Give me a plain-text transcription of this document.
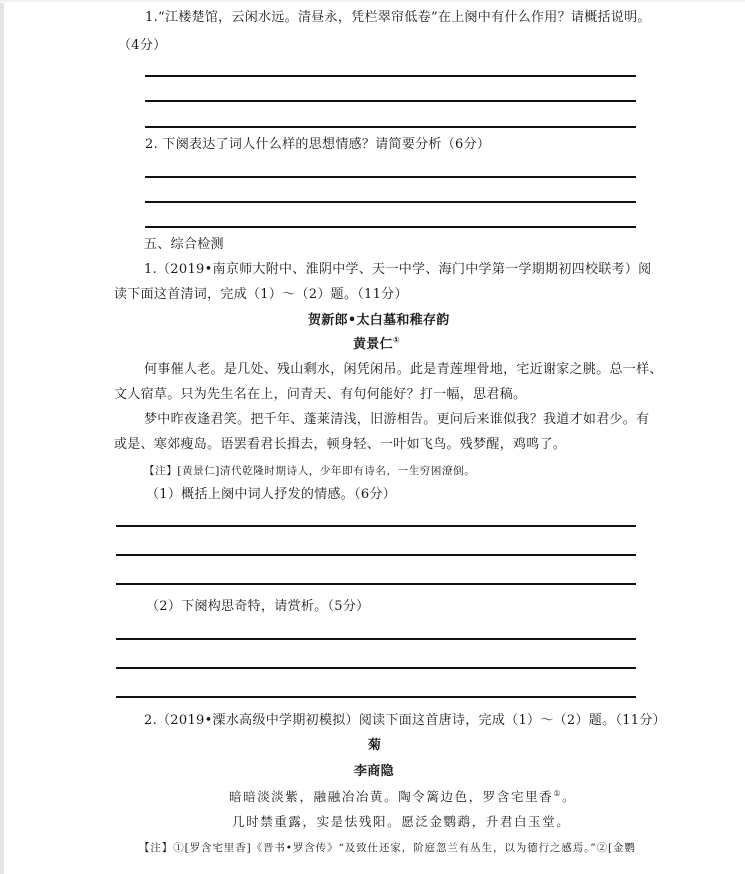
1.“江楼楚馆，云闲水远。清昼永，凭栏翠帘低卷”在上阕中有什么作用？请概括说明。
（4分）
2. 下阕表达了词人什么样的思想情感？请简要分析（6分）
五、综合检测
1.（2019•南京师大附中、淮阴中学、天一中学、海门中学第一学期期初四校联考）阅
读下面这首清词，完成（1）～（2）题。（11分）
贺新郎•太白墓和稚存韵
黄景仁①
何事催人老。是几处、残山剩水，闲凭闲吊。此是青莲埋骨地，宅近谢家之朓。总一样、
文人宿草。只为先生名在上，问青天、有句何能好？打一幅，思君稿。
梦中昨夜逢君笑。把千年、蓬莱清浅，旧游相告。更问后来谁似我？我道才如君少。有
或是、寒郊瘦岛。语罢看君长揖去，顿身轻、一叶如飞鸟。残梦醒，鸡鸣了。
【注】[黄景仁]清代乾隆时期诗人，少年即有诗名，一生穷困潦倒。
（1）概括上阕中词人抒发的情感。（6分）
（2）下阕构思奇特，请赏析。（5分）
2.（2019•溧水高级中学期初模拟）阅读下面这首唐诗，完成（1）～（2）题。（11分）
菊
李商隐
暗暗淡淡紫，融融冶冶黄。陶令篱边色，罗含宅里香①。
几时禁重露，实是怯残阳。愿泛金鹦鹉，升君白玉堂。
【注】①[罗含宅里香]《晋书•罗含传》“及致仕还家，阶庭忽兰有丛生，以为德行之感焉。”②[金鹦
